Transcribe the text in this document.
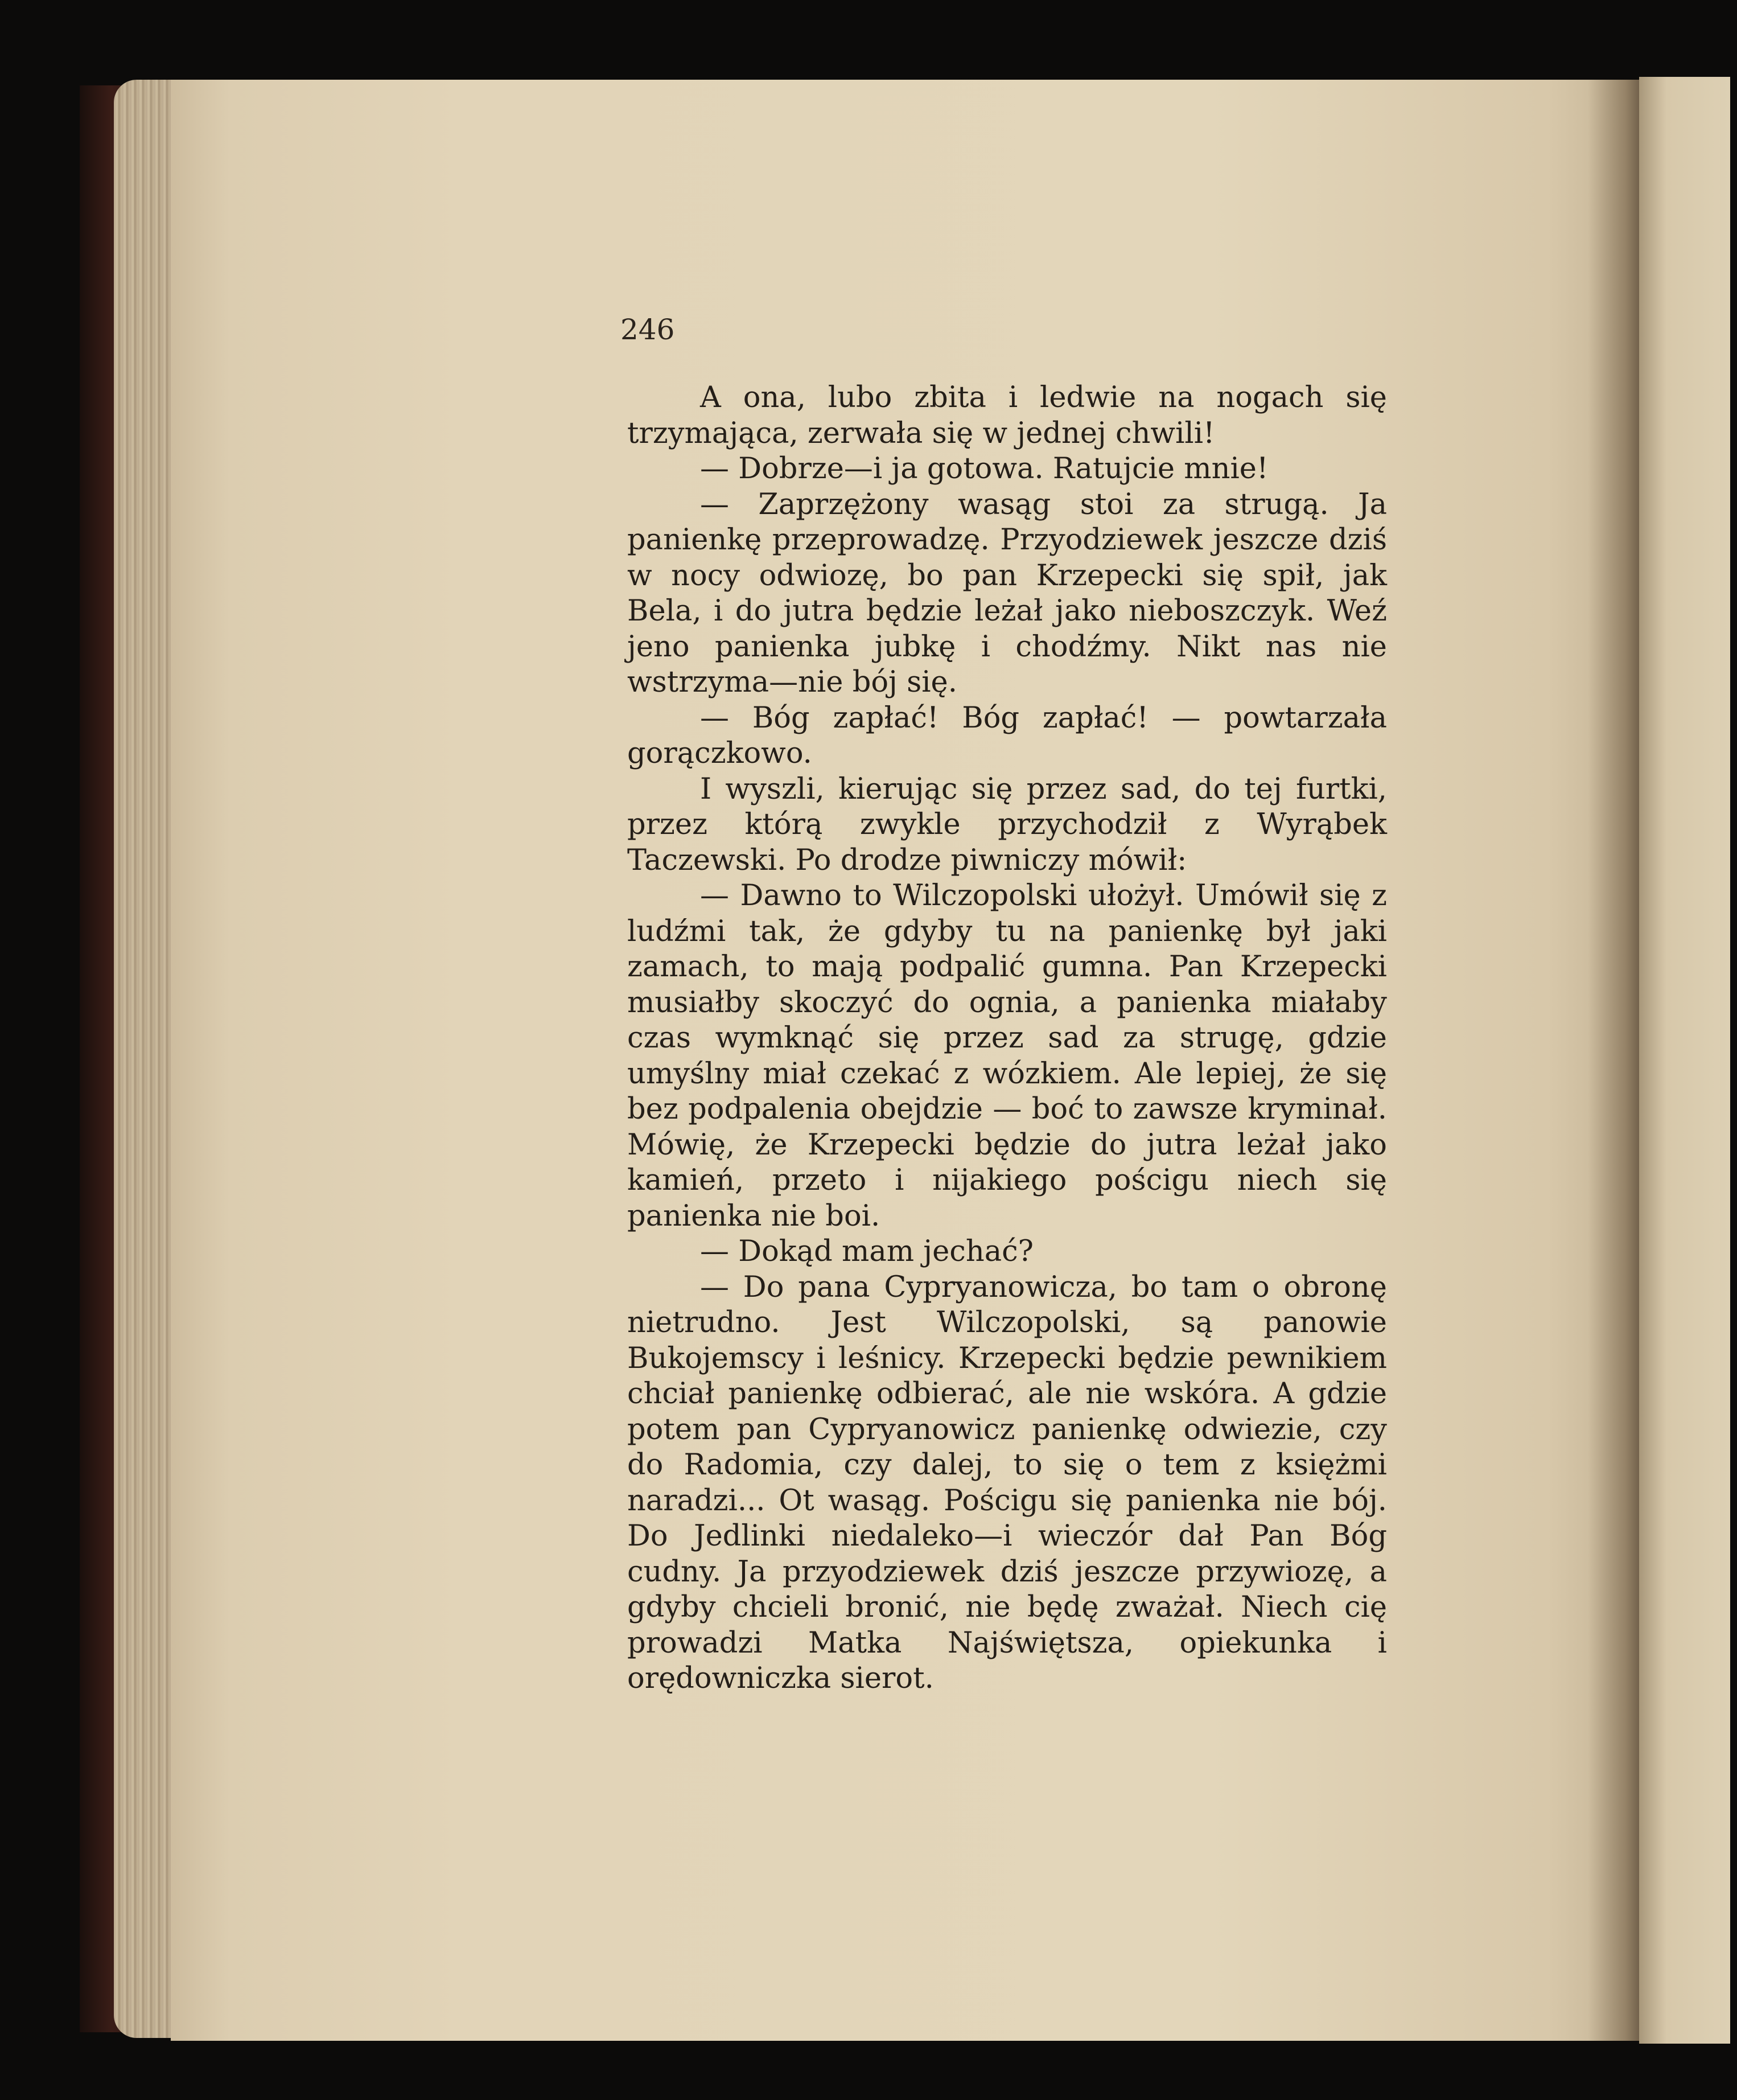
246

A ona, lubo zbita i ledwie na nogach się trzymająca, zerwała się w jednej chwili!

— Dobrze—i ja gotowa. Ratujcie mnie!

— Zaprzężony wasąg stoi za strugą. Ja panienkę przeprowadzę. Przyodziewek jeszcze dziś w nocy odwiozę, bo pan Krzepecki się spił, jak Bela, i do jutra będzie leżał jako nieboszczyk. Weź jeno panienka jubkę i chodźmy. Nikt nas nie wstrzyma—nie bój się.

— Bóg zapłać! Bóg zapłać! — powtarzała gorączkowo.

I wyszli, kierując się przez sad, do tej furtki, przez którą zwykle przychodził z Wyrąbek Taczewski. Po drodze piwniczy mówił:

— Dawno to Wilczopolski ułożył. Umówił się z ludźmi tak, że gdyby tu na panienkę był jaki zamach, to mają podpalić gumna. Pan Krzepecki musiałby skoczyć do ognia, a panienka miałaby czas wymknąć się przez sad za strugę, gdzie umyślny miał czekać z wózkiem. Ale lepiej, że się bez podpalenia obejdzie — boć to zawsze kryminał. Mówię, że Krzepecki będzie do jutra leżał jako kamień, przeto i nijakiego pościgu niech się panienka nie boi.

— Dokąd mam jechać?

— Do pana Cypryanowicza, bo tam o obronę nietrudno. Jest Wilczopolski, są panowie Bukojemscy i leśnicy. Krzepecki będzie pewnikiem chciał panienkę odbierać, ale nie wskóra. A gdzie potem pan Cypryanowicz panienkę odwiezie, czy do Radomia, czy dalej, to się o tem z księżmi naradzi... Ot wasąg. Pościgu się panienka nie bój. Do Jedlinki niedaleko—i wieczór dał Pan Bóg cudny. Ja przyodziewek dziś jeszcze przywiozę, a gdyby chcieli bronić, nie będę zważał. Niech cię prowadzi Matka Najświętsza, opiekunka i orędowniczka sierot.
